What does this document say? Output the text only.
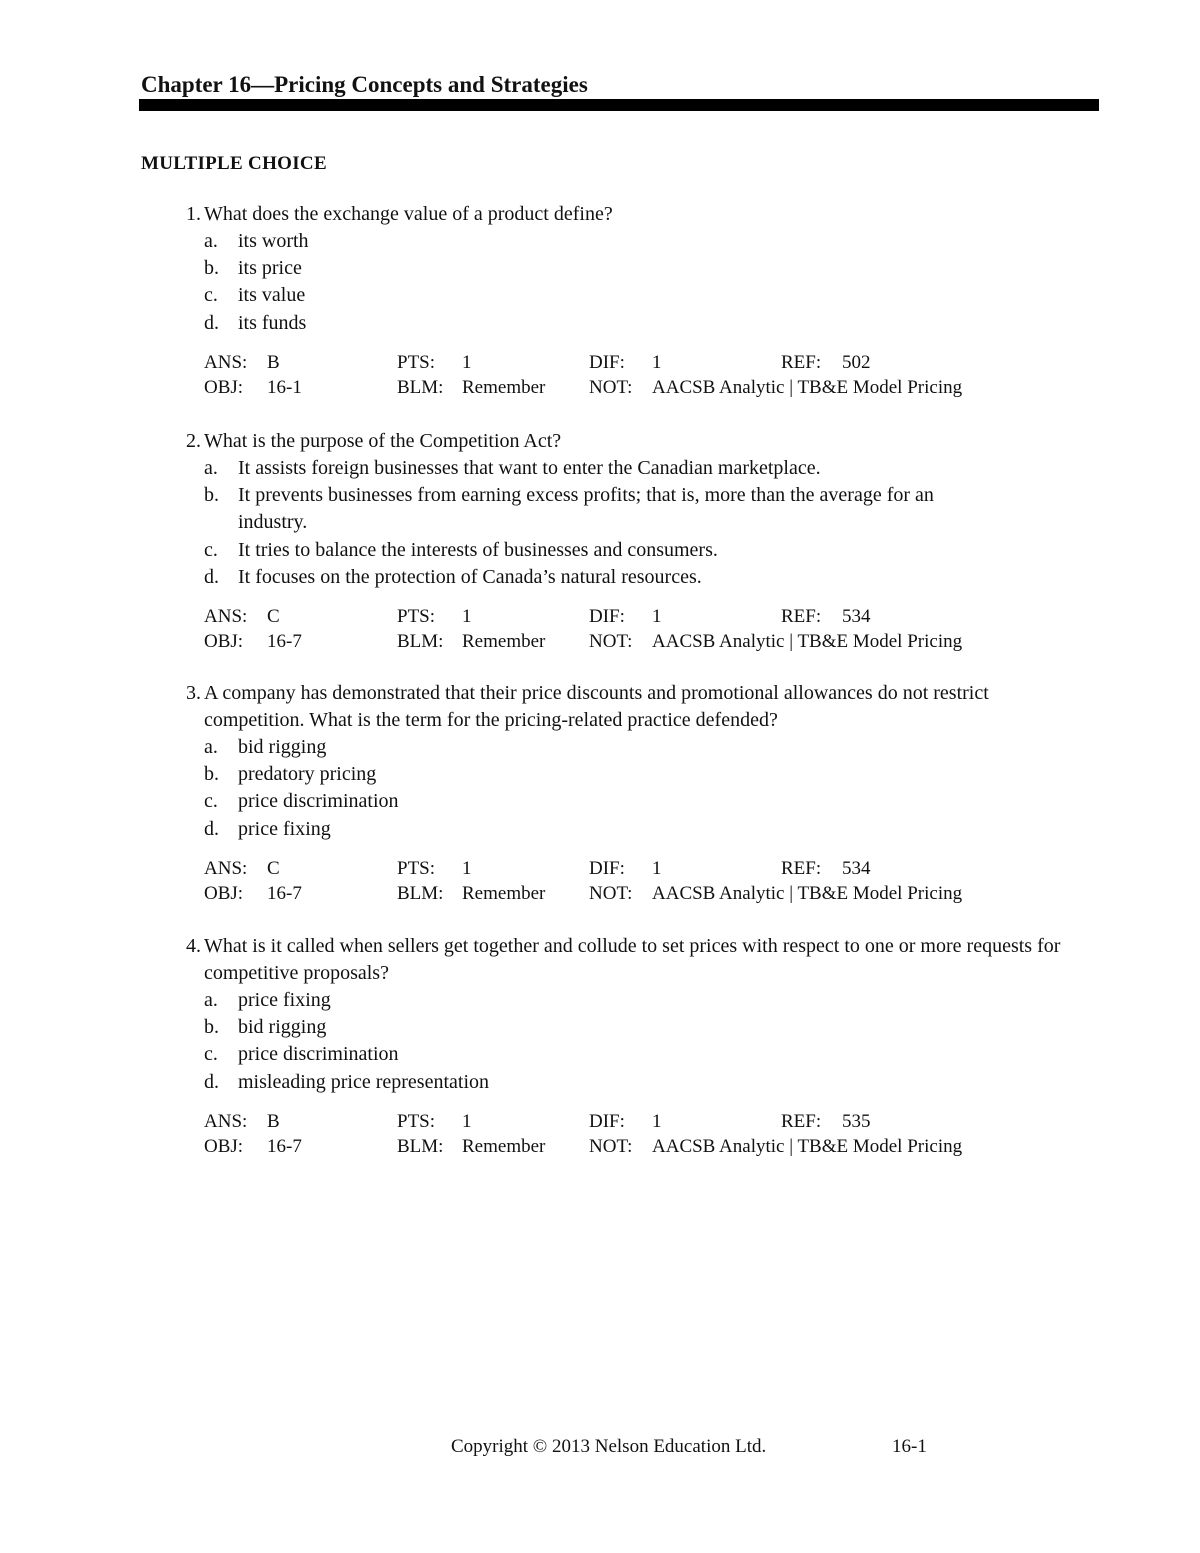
Chapter 16—Pricing Concepts and Strategies
MULTIPLE CHOICE
1. What does the exchange value of a product define?
a. its worth
b. its price
c. its value
d. its funds
ANS: B	PTS: 1	DIF: 1	REF: 502
OBJ: 16-1	BLM: Remember NOT: AACSB Analytic | TB&E Model Pricing
2. What is the purpose of the Competition Act?
a. It assists foreign businesses that want to enter the Canadian marketplace.
b. It prevents businesses from earning excess profits; that is, more than the average for an industry.
c. It tries to balance the interests of businesses and consumers.
d. It focuses on the protection of Canada’s natural resources.
ANS: C	PTS: 1	DIF: 1	REF: 534
OBJ: 16-7	BLM: Remember NOT: AACSB Analytic | TB&E Model Pricing
3. A company has demonstrated that their price discounts and promotional allowances do not restrict competition. What is the term for the pricing-related practice defended?
a. bid rigging
b. predatory pricing
c. price discrimination
d. price fixing
ANS: C	PTS: 1	DIF: 1	REF: 534
OBJ: 16-7	BLM: Remember NOT: AACSB Analytic | TB&E Model Pricing
4. What is it called when sellers get together and collude to set prices with respect to one or more requests for competitive proposals?
a. price fixing
b. bid rigging
c. price discrimination
d. misleading price representation
ANS: B	PTS: 1	DIF: 1	REF: 535
OBJ: 16-7	BLM: Remember NOT: AACSB Analytic | TB&E Model Pricing
Copyright © 2013 Nelson Education Ltd.	16-1
